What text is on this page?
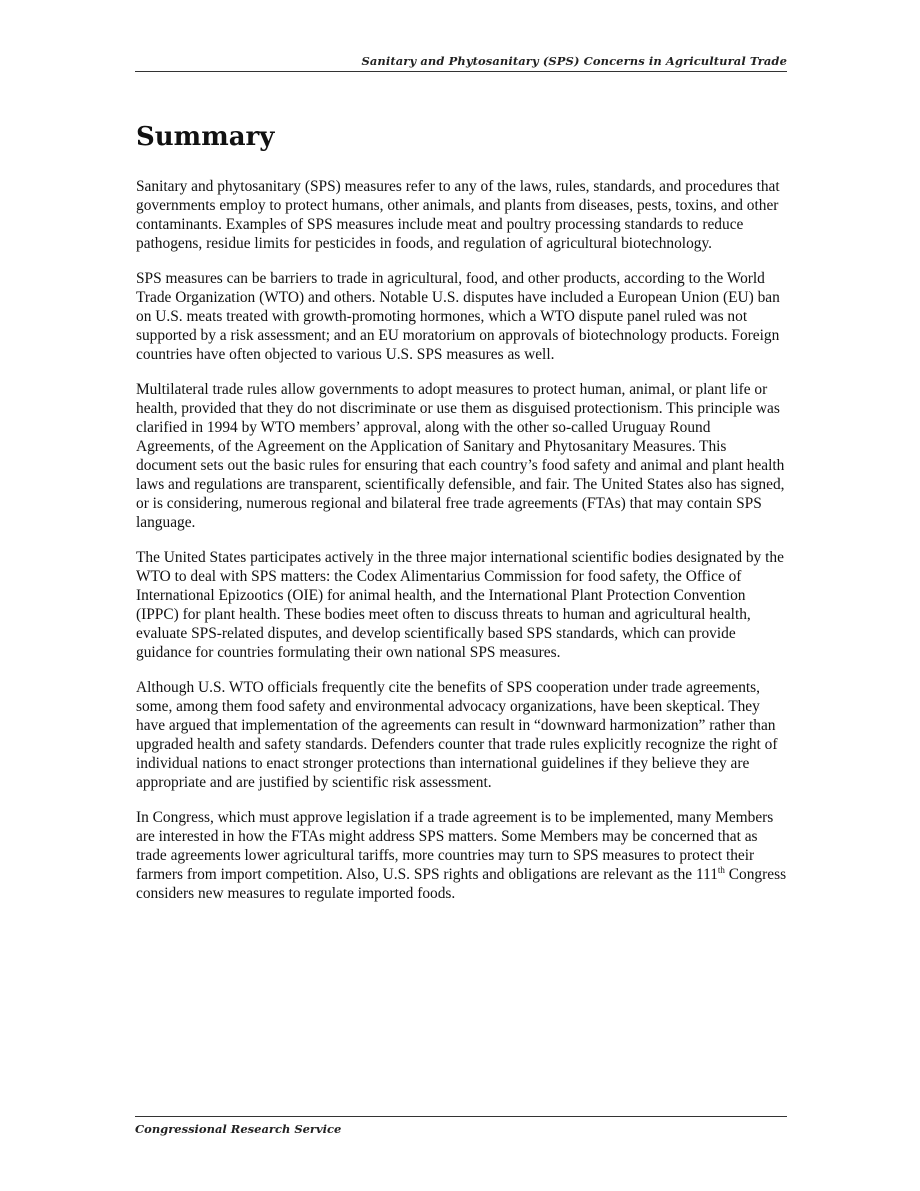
Sanitary and Phytosanitary (SPS) Concerns in Agricultural Trade
Summary

Sanitary and phytosanitary (SPS) measures refer to any of the laws, rules, standards, and procedures that governments employ to protect humans, other animals, and plants from diseases, pests, toxins, and other contaminants. Examples of SPS measures include meat and poultry processing standards to reduce pathogens, residue limits for pesticides in foods, and regulation of agricultural biotechnology.

SPS measures can be barriers to trade in agricultural, food, and other products, according to the World Trade Organization (WTO) and others. Notable U.S. disputes have included a European Union (EU) ban on U.S. meats treated with growth-promoting hormones, which a WTO dispute panel ruled was not supported by a risk assessment; and an EU moratorium on approvals of biotechnology products. Foreign countries have often objected to various U.S. SPS measures as well.

Multilateral trade rules allow governments to adopt measures to protect human, animal, or plant life or health, provided that they do not discriminate or use them as disguised protectionism. This principle was clarified in 1994 by WTO members’ approval, along with the other so-called Uruguay Round Agreements, of the Agreement on the Application of Sanitary and Phytosanitary Measures. This document sets out the basic rules for ensuring that each country’s food safety and animal and plant health laws and regulations are transparent, scientifically defensible, and fair. The United States also has signed, or is considering, numerous regional and bilateral free trade agreements (FTAs) that may contain SPS language.

The United States participates actively in the three major international scientific bodies designated by the WTO to deal with SPS matters: the Codex Alimentarius Commission for food safety, the Office of International Epizootics (OIE) for animal health, and the International Plant Protection Convention (IPPC) for plant health. These bodies meet often to discuss threats to human and agricultural health, evaluate SPS-related disputes, and develop scientifically based SPS standards, which can provide guidance for countries formulating their own national SPS measures.

Although U.S. WTO officials frequently cite the benefits of SPS cooperation under trade agreements, some, among them food safety and environmental advocacy organizations, have been skeptical. They have argued that implementation of the agreements can result in “downward harmonization” rather than upgraded health and safety standards. Defenders counter that trade rules explicitly recognize the right of individual nations to enact stronger protections than international guidelines if they believe they are appropriate and are justified by scientific risk assessment.

In Congress, which must approve legislation if a trade agreement is to be implemented, many Members are interested in how the FTAs might address SPS matters. Some Members may be concerned that as trade agreements lower agricultural tariffs, more countries may turn to SPS measures to protect their farmers from import competition. Also, U.S. SPS rights and obligations are relevant as the 111th Congress considers new measures to regulate imported foods.

Congressional Research Service
